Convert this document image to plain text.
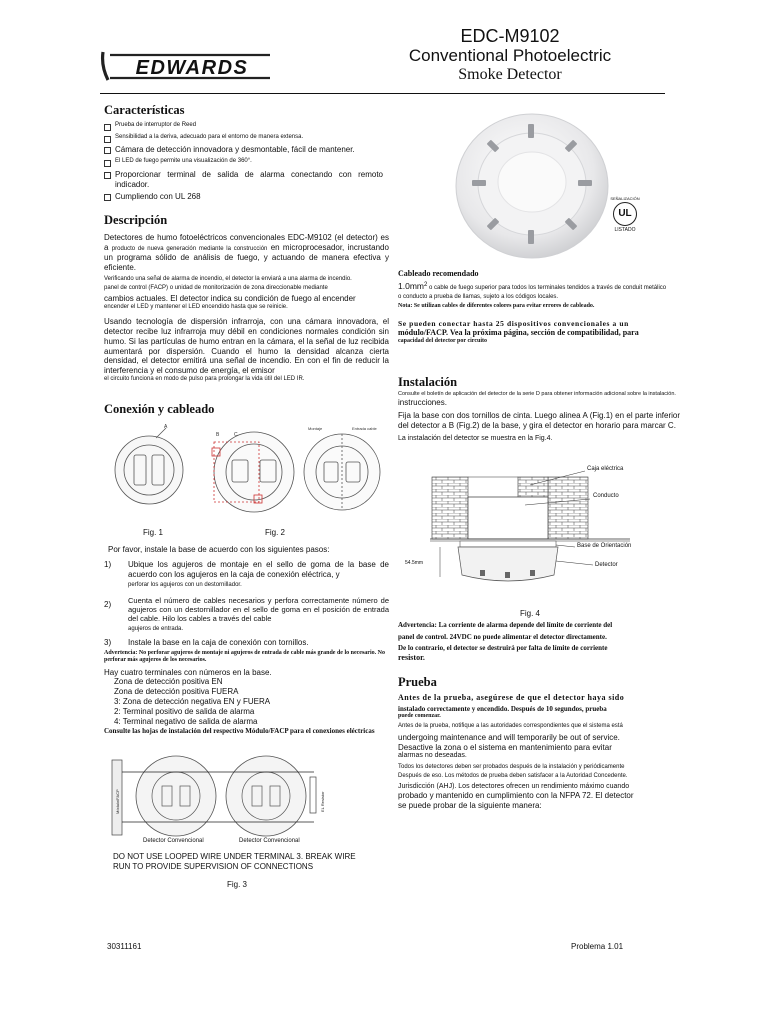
EDWARDS
EDC-M9102
Conventional Photoelectric
Smoke Detector
Características
Prueba de interruptor de Reed
Sensibilidad a la deriva, adecuado para el entorno de manera extensa.
Cámara de detección innovadora y desmontable, fácil de mantener.
El LED de fuego permite una visualización de 360°.
Proporcionar terminal de salida de alarma conectando con remoto indicador.
Cumpliendo con UL 268
Descripción
Detectores de humo fotoeléctricos convencionales EDC-M9102 (el detector) es a producto de nueva generación mediante la construcción en microprocesador, incrustando un programa sólido de análisis de fuego, y actuando de manera efectiva y eficiente.
Verificando una señal de alarma de incendio, el detector la enviará a una alarma de incendio.
panel de control (FACP) o unidad de monitorización de zona direccionable mediante
cambios actuales. El detector indica su condición de fuego al encender
encender el LED y mantener el LED encendido hasta que se reinicie.
Usando tecnología de dispersión infrarroja, con una cámara innovadora, el detector recibe luz infrarroja muy débil en condiciones normales condición sin humo. Si las partículas de humo entran en la cámara, el la señal de luz recibida aumentará por dispersión. Cuando el humo la densidad alcanza cierta densidad, el detector emitirá una señal de incendio. En con el fin de reducir la interferencia y el consumo de energía, el emisor
el circuito funciona en modo de pulso para prolongar la vida útil del LED IR.
Conexión y cableado
A
B	C
Montaje	Entrada cable
Fig. 1	Fig. 2
Por favor, instale la base de acuerdo con los siguientes pasos:
1)	Ubique los agujeros de montaje en el sello de goma de la base de acuerdo con los agujeros en la caja de conexión eléctrica, y
perforar los agujeros con un destornillador.
2)	Cuenta el número de cables necesarios y perfora correctamente número de agujeros con un destornillador en el sello de goma en el posición de entrada del cable. Hilo los cables a través del cable
agujeros de entrada.
3)	Instale la base en la caja de conexión con tornillos.
Advertencia: No perforar agujeros de montaje ni agujeros de entrada de cable más grande de lo necesario. No perforar más agujeros de los necesarios.
Hay cuatro terminales con números en la base.
Zona de detección positiva EN
Zona de detección positiva FUERA
3: Zona de detección negativa EN y FUERA
2: Terminal positivo de salida de alarma
4: Terminal negativo de salida de alarma
Consulte las hojas de instalación del respectivo Módulo/FACP para el conexiones eléctricas
Módulo/FACP	EL Resistor
Detector Convencional	Detector Convencional
DO NOT USE LOOPED WIRE UNDER TERMINAL 3. BREAK WIRE RUN TO PROVIDE SUPERVISION OF CONNECTIONS
Fig. 3
SEÑALIZACIÓN
UL
LISTADO
Cableado recomendado
$1.0mm^2$ o cable de fuego superior para todos los terminales tendidos a través de conduit metálico
o conducto a prueba de llamas, sujeto a los códigos locales.
Nota: Se utilizan cables de diferentes colores para evitar errores de cableado.
Se pueden conectar hasta 25 dispositivos convencionales a un
módulo/FACP. Vea la próxima página, sección de compatibilidad, para
capacidad del detector por circuito
Instalación
Consulte el boletín de aplicación del detector de la serie D para obtener información adicional sobre la instalación.
instrucciones.
Fija la base con dos tornillos de cinta. Luego alinea A (Fig.1) en el parte inferior del detector a B (Fig.2) de la base, y gira el detector en horario para marcar C.
La instalación del detector se muestra en la Fig.4.
Caja eléctrica
Conducto
Base de Orientación
Detector
54.5mm
Fig. 4
Advertencia: La corriente de alarma depende del límite de corriente del
panel de control. 24VDC no puede alimentar el detector directamente.
De lo contrario, el detector se destruirá por falta de límite de corriente
resistor.
Prueba
Antes de la prueba, asegúrese de que el detector haya sido
instalado correctamente y encendido. Después de 10 segundos, prueba
puede comenzar.
Antes de la prueba, notifique a las autoridades correspondientes que el sistema está
undergoing maintenance and will temporarily be out of service.
Desactive la zona o el sistema en mantenimiento para evitar
alarmas no deseadas.
Todos los detectores deben ser probados después de la instalación y periódicamente
Después de eso. Los métodos de prueba deben satisfacer a la Autoridad Concedente.
Jurisdicción (AHJ). Los detectores ofrecen un rendimiento máximo cuando
probado y mantenido en cumplimiento con la NFPA 72. El detector
se puede probar de la siguiente manera:
30311161	Problema 1.01
